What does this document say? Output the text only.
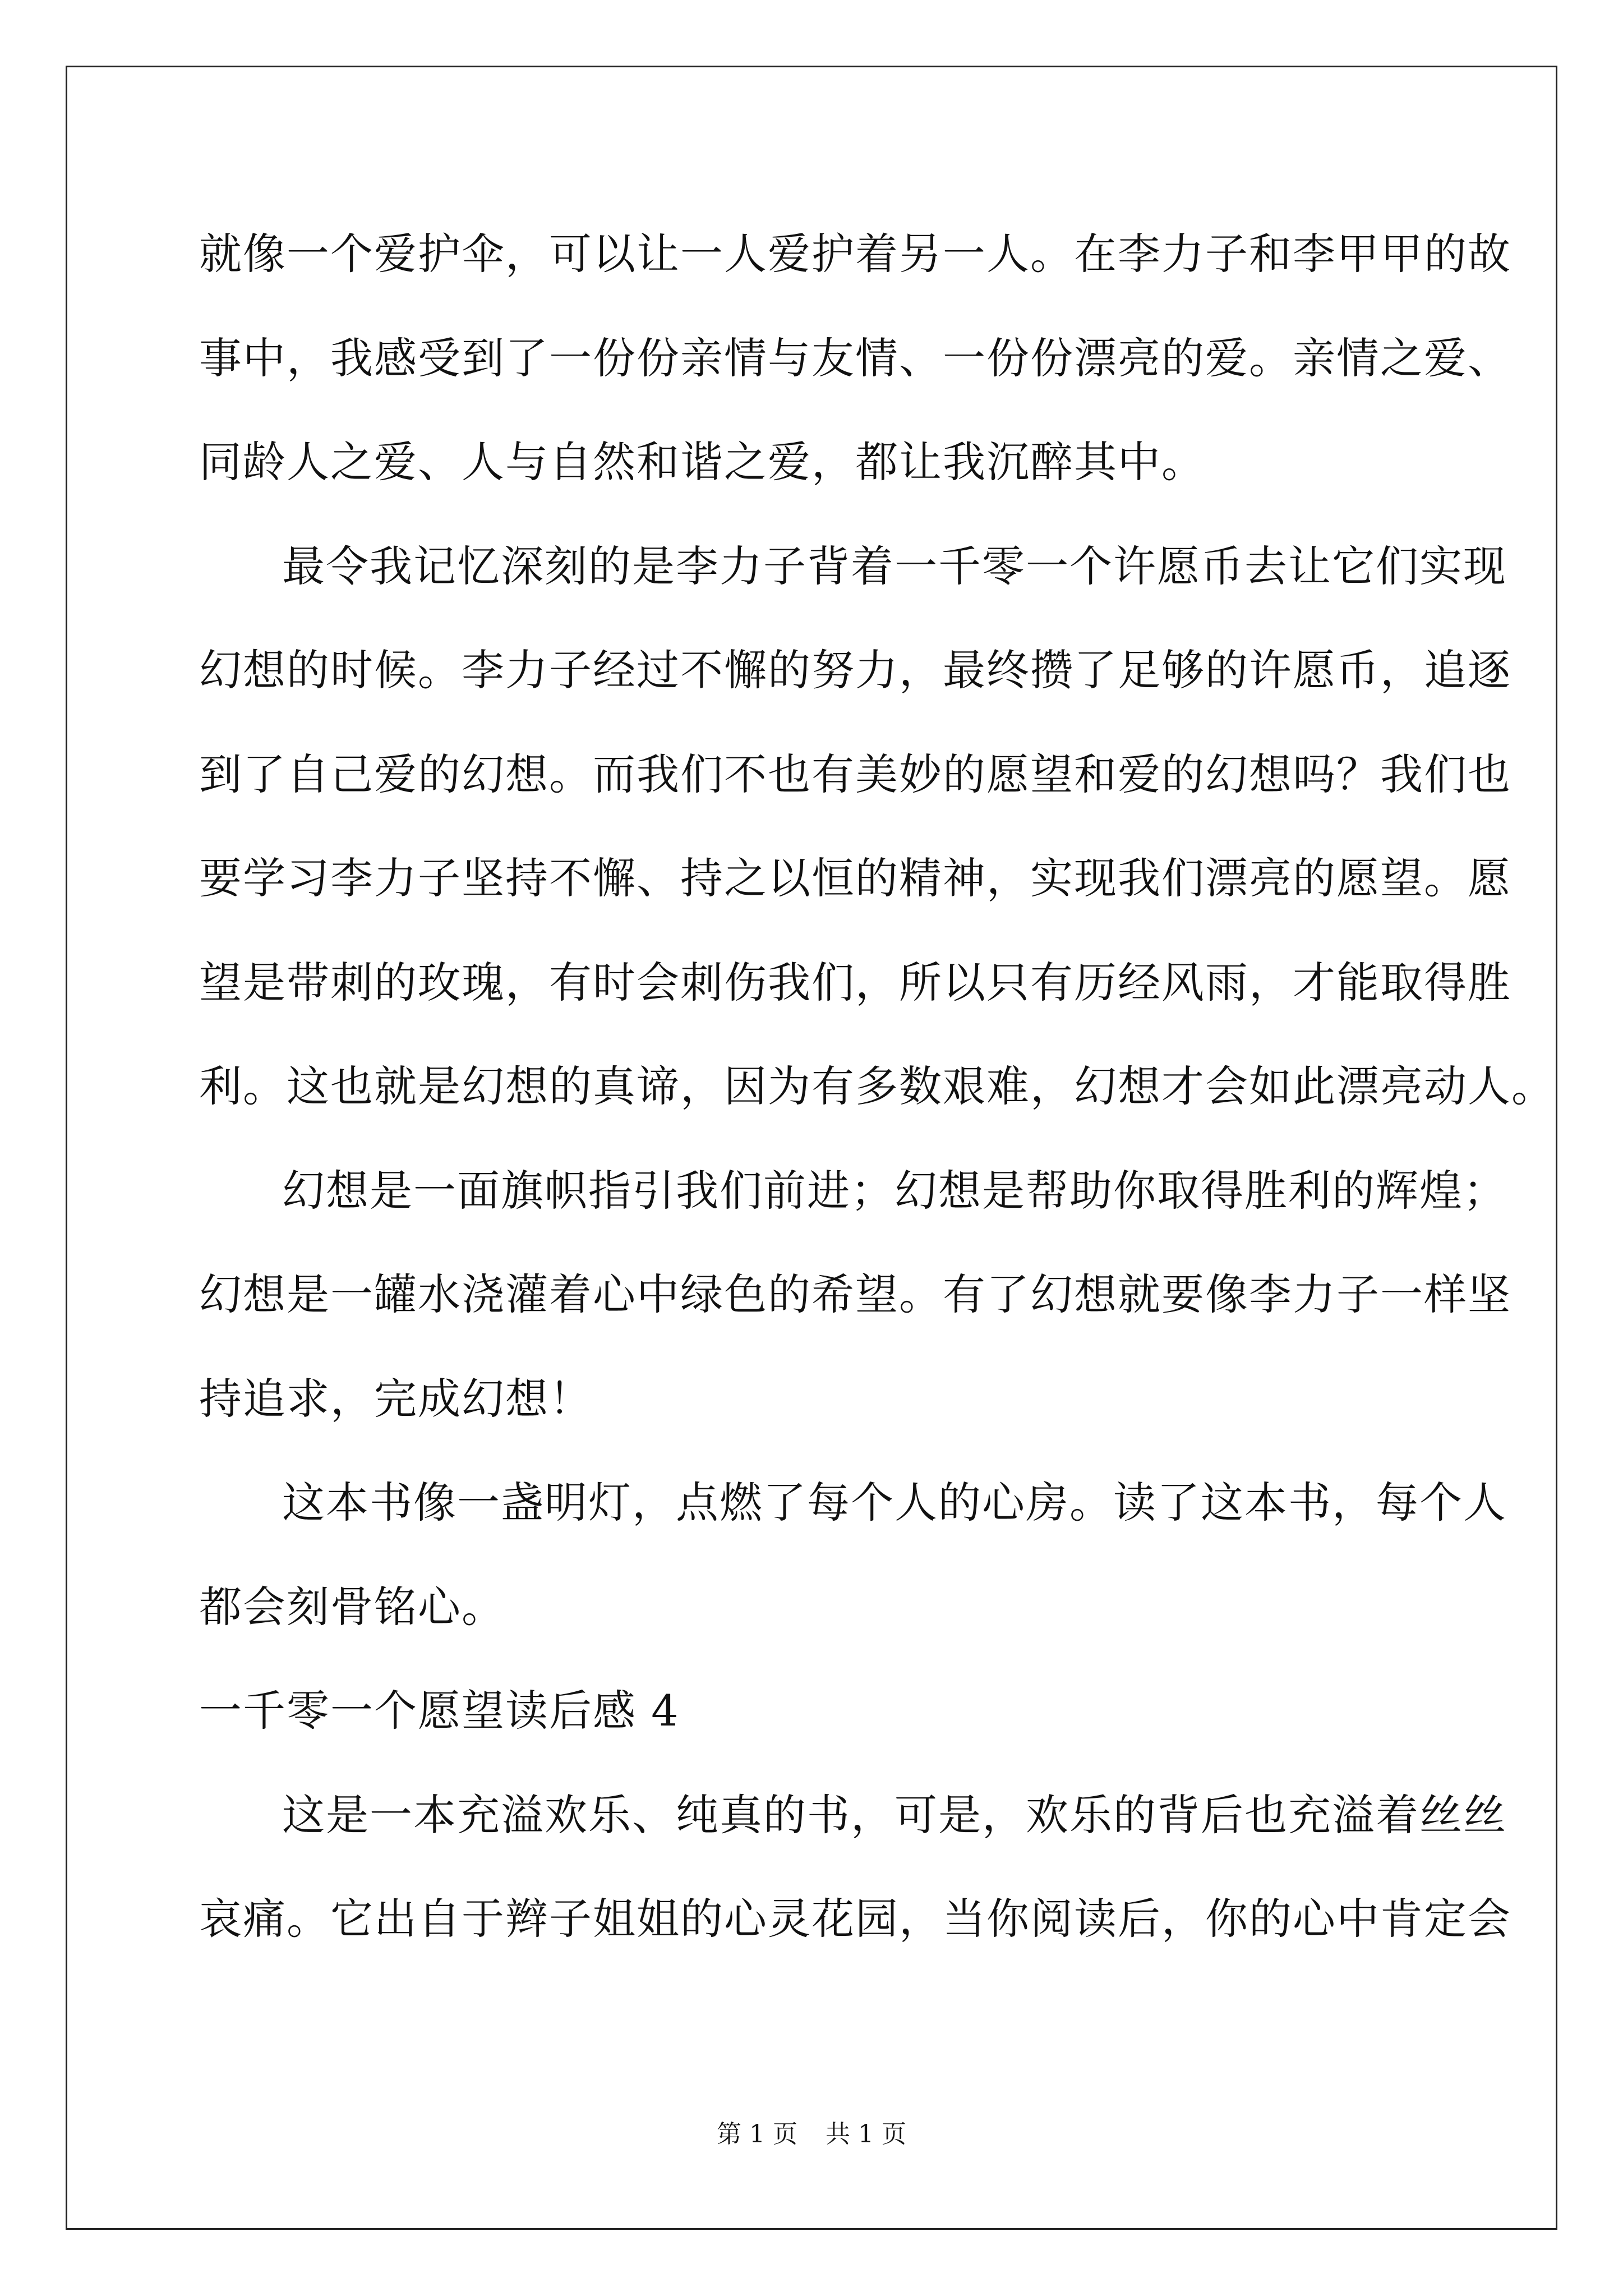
就像一个爱护伞，可以让一人爱护着另一人。在李力子和李甲甲的故
事中，我感受到了一份份亲情与友情、一份份漂亮的爱。亲情之爱、
同龄人之爱、人与自然和谐之爱，都让我沉醉其中。
最令我记忆深刻的是李力子背着一千零一个许愿币去让它们实现
幻想的时候。李力子经过不懈的努力，最终攒了足够的许愿币，追逐
到了自己爱的幻想。而我们不也有美妙的愿望和爱的幻想吗？我们也
要学习李力子坚持不懈、持之以恒的精神，实现我们漂亮的愿望。愿
望是带刺的玫瑰，有时会刺伤我们，所以只有历经风雨，才能取得胜
利。这也就是幻想的真谛，因为有多数艰难，幻想才会如此漂亮动人。
幻想是一面旗帜指引我们前进；幻想是帮助你取得胜利的辉煌；
幻想是一罐水浇灌着心中绿色的希望。有了幻想就要像李力子一样坚
持追求，完成幻想！
这本书像一盏明灯，点燃了每个人的心房。读了这本书，每个人
都会刻骨铭心。
一千零一个愿望读后感 4
这是一本充溢欢乐、纯真的书，可是，欢乐的背后也充溢着丝丝
哀痛。它出自于辫子姐姐的心灵花园，当你阅读后，你的心中肯定会
第 1 页 共 1 页
